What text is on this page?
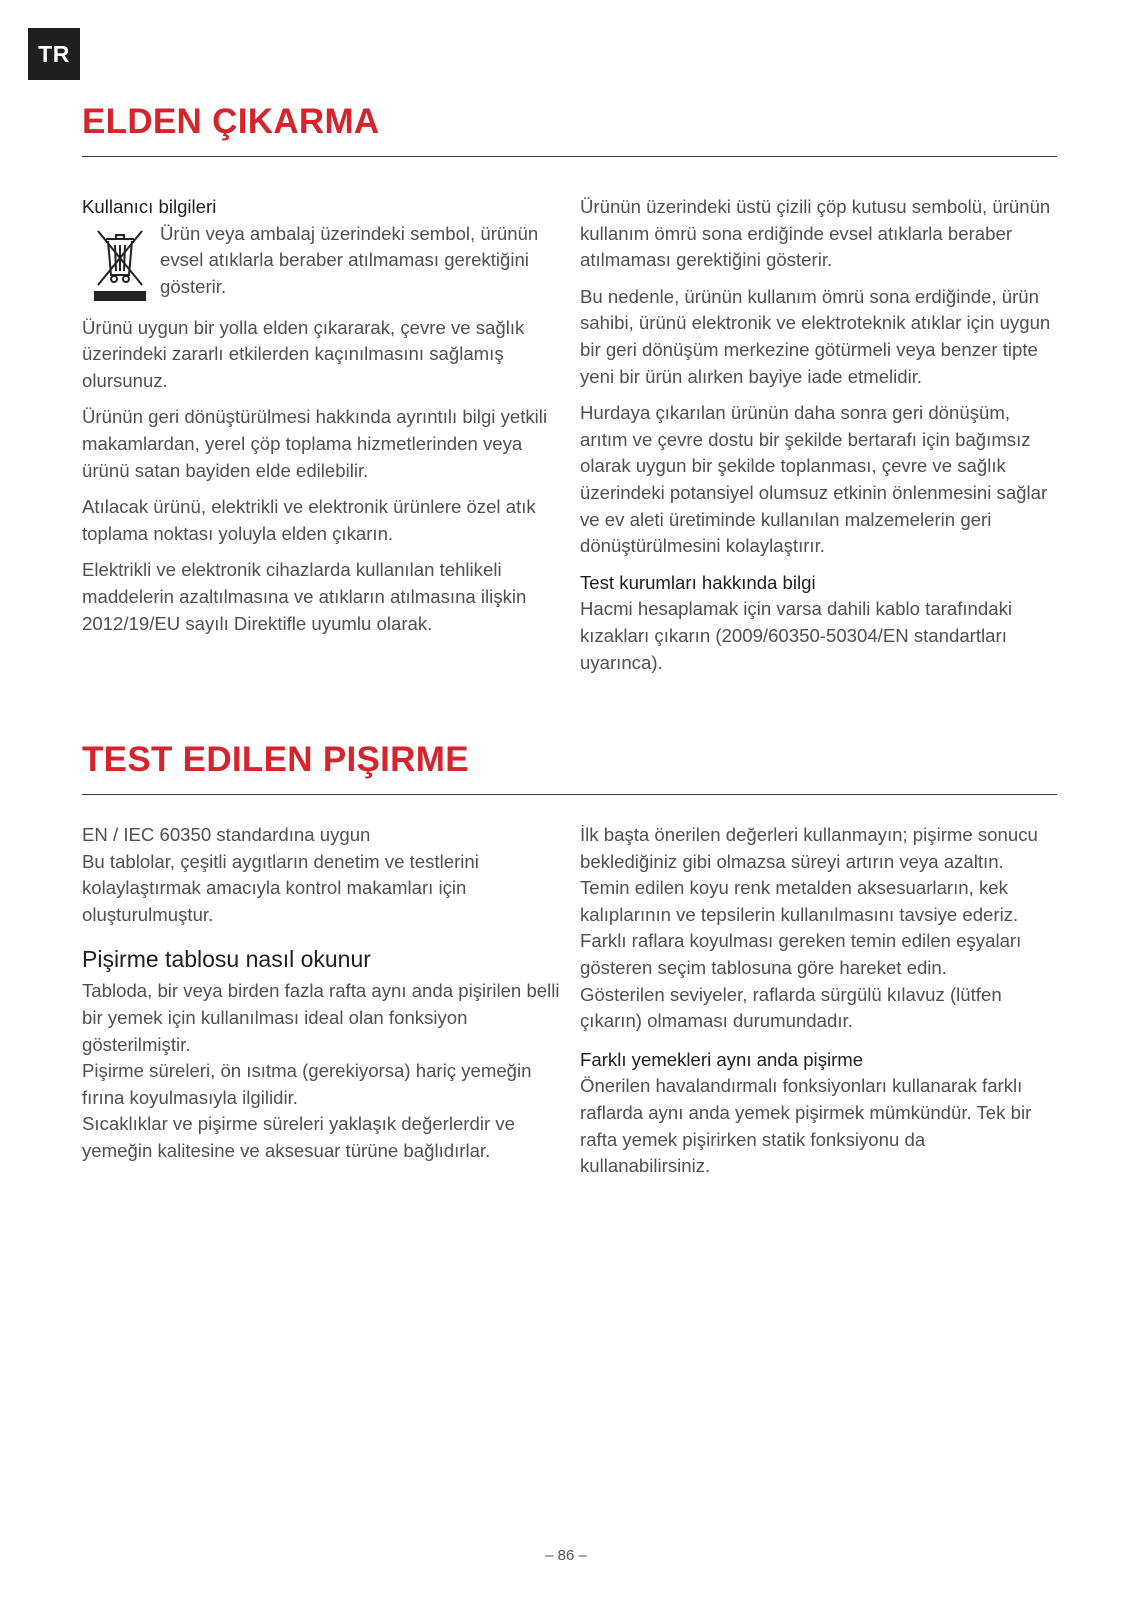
TR
ELDEN ÇIKARMA
Kullanıcı bilgileri
Ürün veya ambalaj üzerindeki sembol, ürünün evsel atıklarla beraber atılmaması gerektiğini gösterir.

Ürünü uygun bir yolla elden çıkararak, çevre ve sağlık üzerindeki zararlı etkilerden kaçınılmasını sağlamış olursunuz.

Ürünün geri dönüştürülmesi hakkında ayrıntılı bilgi yetkili makamlardan, yerel çöp toplama hizmetlerinden veya ürünü satan bayiden elde edilebilir.

Atılacak ürünü, elektrikli ve elektronik ürünlere özel atık toplama noktası yoluyla elden çıkarın.

Elektrikli ve elektronik cihazlarda kullanılan tehlikeli maddelerin azaltılmasına ve atıkların atılmasına ilişkin 2012/19/EU sayılı Direktifle uyumlu olarak.

Ürünün üzerindeki üstü çizili çöp kutusu sembolü, ürünün kullanım ömrü sona erdiğinde evsel atıklarla beraber atılmaması gerektiğini gösterir.

Bu nedenle, ürünün kullanım ömrü sona erdiğinde, ürün sahibi, ürünü elektronik ve elektroteknik atıklar için uygun bir geri dönüşüm merkezine götürmeli veya benzer tipte yeni bir ürün alırken bayiye iade etmelidir.

Hurdaya çıkarılan ürünün daha sonra geri dönüşüm, arıtım ve çevre dostu bir şekilde bertarafı için bağımsız olarak uygun bir şekilde toplanması, çevre ve sağlık üzerindeki potansiyel olumsuz etkinin önlenmesini sağlar ve ev aleti üretiminde kullanılan malzemelerin geri dönüştürülmesini kolaylaştırır.

Test kurumları hakkında bilgi

Hacmi hesaplamak için varsa dahili kablo tarafındaki kızakları çıkarın (2009/60350-50304/EN standartları uyarınca).

TEST EDILEN PIŞIRME

EN / IEC 60350 standardına uygun

Bu tablolar, çeşitli aygıtların denetim ve testlerini kolaylaştırmak amacıyla kontrol makamları için oluşturulmuştur.

Pişirme tablosu nasıl okunur

Tabloda, bir veya birden fazla rafta aynı anda pişirilen belli bir yemek için kullanılması ideal olan fonksiyon gösterilmiştir.

Pişirme süreleri, ön ısıtma (gerekiyorsa) hariç yemeğin fırına koyulmasıyla ilgilidir.

Sıcaklıklar ve pişirme süreleri yaklaşık değerlerdir ve yemeğin kalitesine ve aksesuar türüne bağlıdırlar.

İlk başta önerilen değerleri kullanmayın; pişirme sonucu beklediğiniz gibi olmazsa süreyi artırın veya azaltın. Temin edilen koyu renk metalden aksesuarların, kek kalıplarının ve tepsilerin kullanılmasını tavsiye ederiz. Farklı raflara koyulması gereken temin edilen eşyaları gösteren seçim tablosuna göre hareket edin.

Gösterilen seviyeler, raflarda sürgülü kılavuz (lütfen çıkarın) olmaması durumundadır.

Farklı yemekleri aynı anda pişirme

Önerilen havalandırmalı fonksiyonları kullanarak farklı raflarda aynı anda yemek pişirmek mümkündür. Tek bir rafta yemek pişirirken statik fonksiyonu da kullanabilirsiniz.

– 86 –
